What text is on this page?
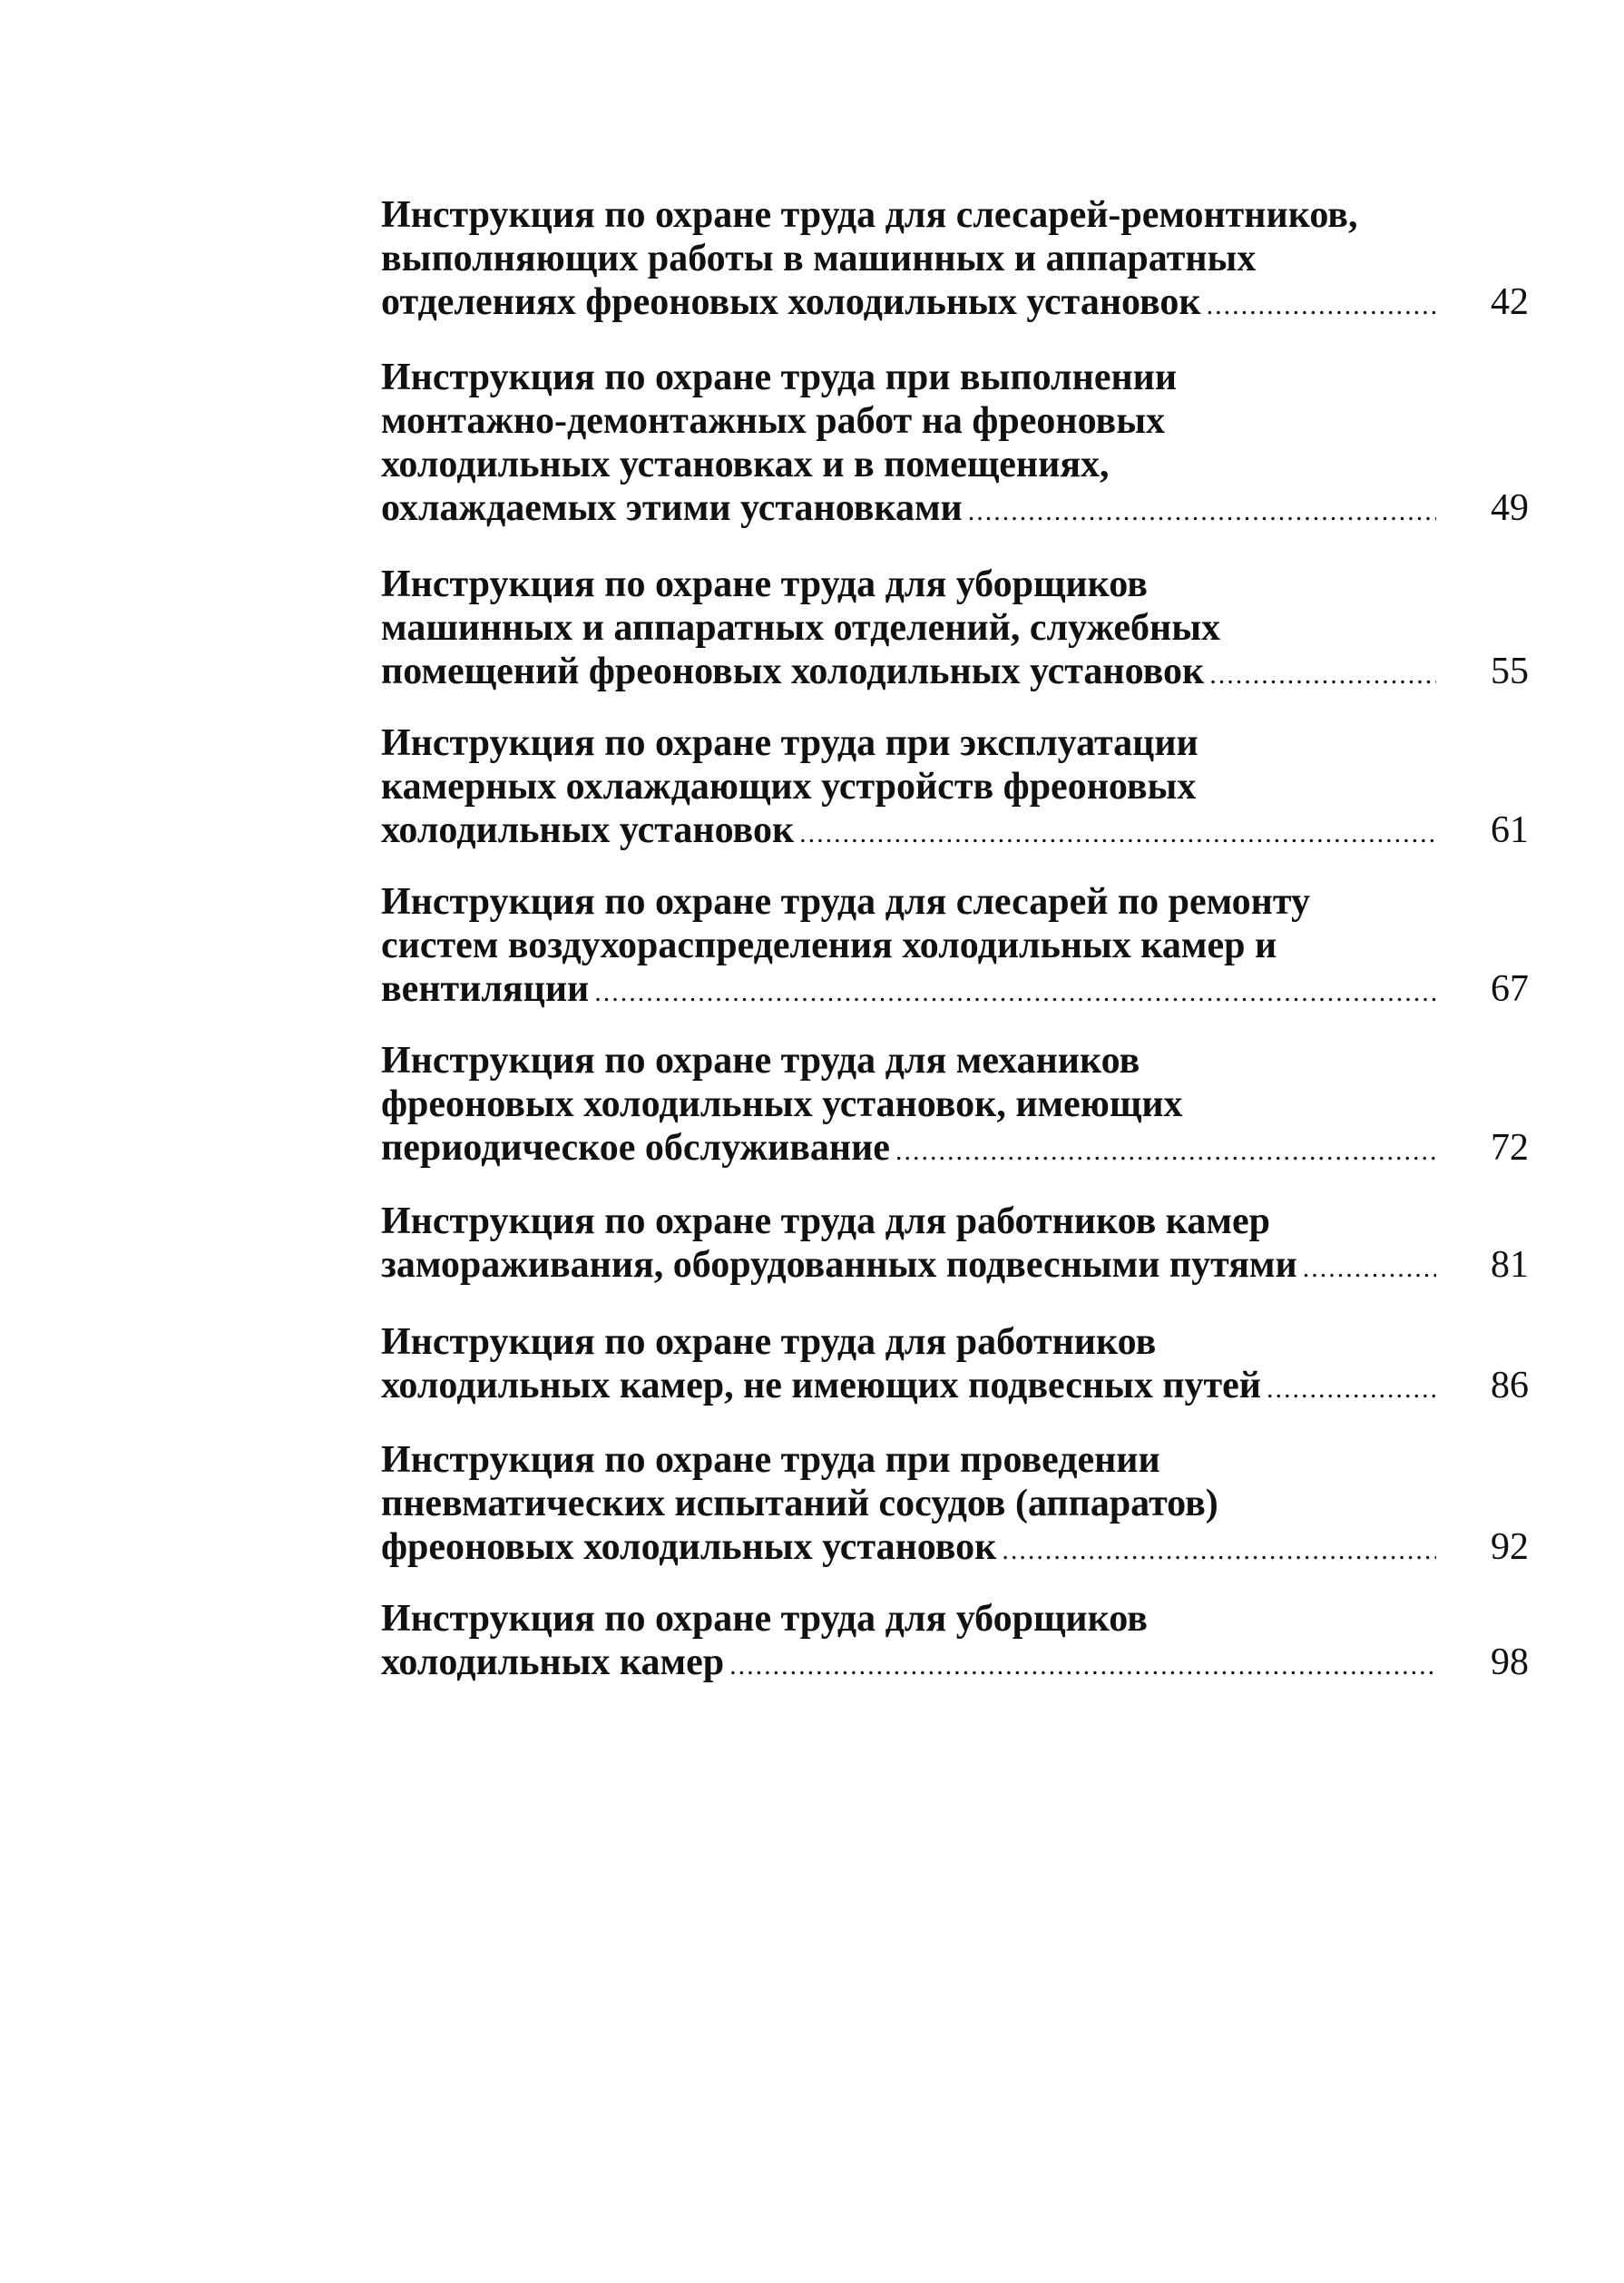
Инструкция по охране труда для слесарей-ремонтников,
выполняющих работы в машинных и аппаратных
отделениях фреоновых холодильных установок .....	42
Инструкция по охране труда при выполнении
монтажно-демонтажных работ на фреоновых
холодильных установках и в помещениях,
охлаждаемых этими установками .....	49
Инструкция по охране труда для уборщиков
машинных и аппаратных отделений, служебных
помещений фреоновых холодильных установок .....	55
Инструкция по охране труда при эксплуатации
камерных охлаждающих устройств фреоновых
холодильных установок .....	61
Инструкция по охране труда для слесарей по ремонту
систем воздухораспределения холодильных камер и
вентиляции .....	67
Инструкция по охране труда для механиков
фреоновых холодильных установок, имеющих
периодическое обслуживание .....	72
Инструкция по охране труда для работников камер
замораживания, оборудованных подвесными путями .....	81
Инструкция по охране труда для работников
холодильных камер, не имеющих подвесных путей .....	86
Инструкция по охране труда при проведении
пневматических испытаний сосудов (аппаратов)
фреоновых холодильных установок .....	92
Инструкция по охране труда для уборщиков
холодильных камер .....	98
